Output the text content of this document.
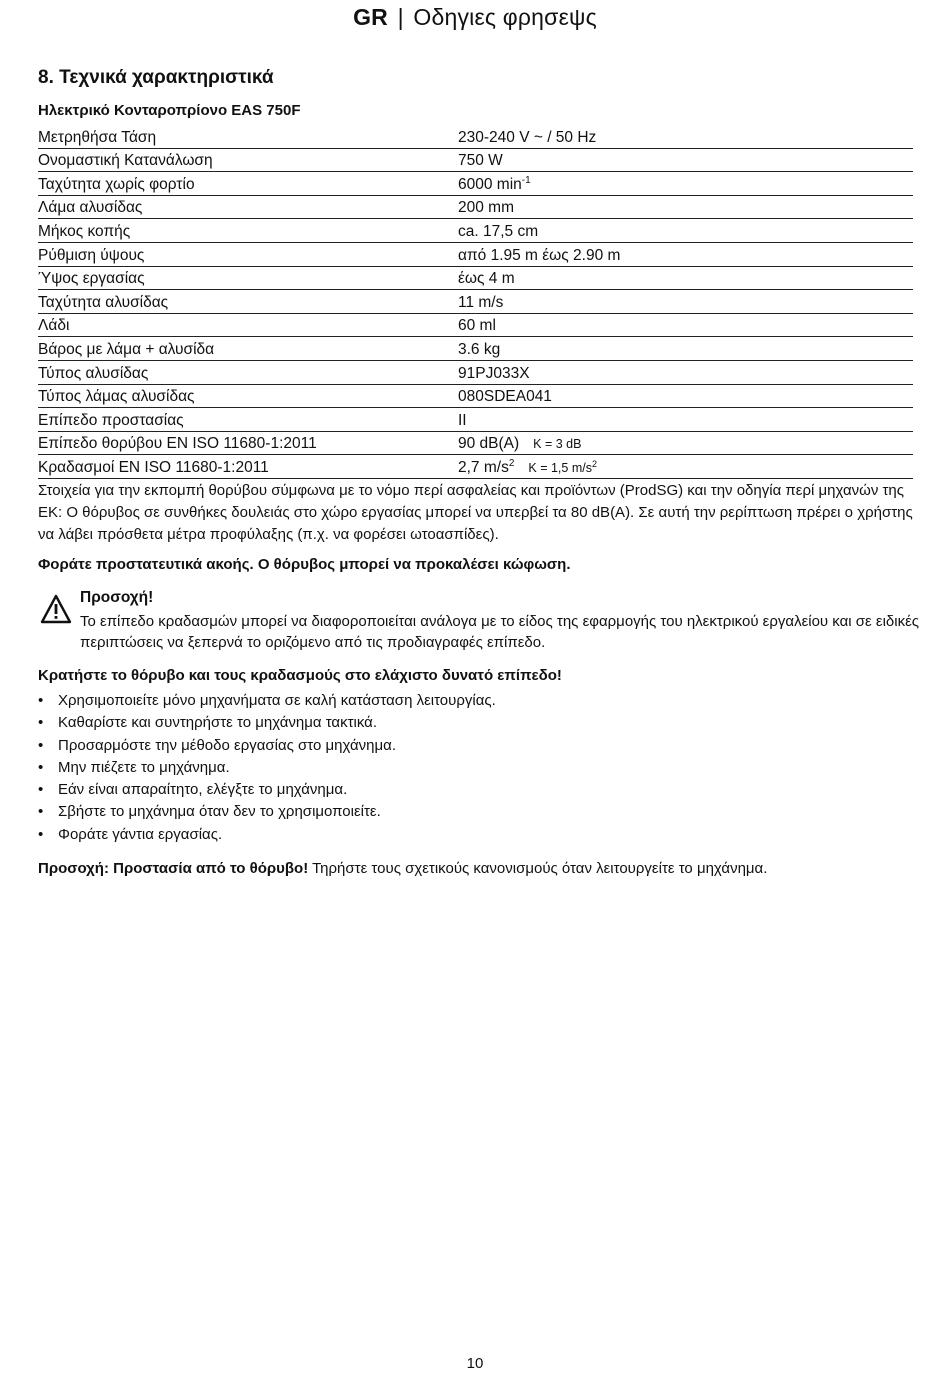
GR | Οδηγιες φρησεψς
8. Τεχνικά χαρακτηριστικά
Ηλεκτρικό Κονταροπρίονο EAS 750F
Μετρηθήσα Τάση	230-240 V ~ / 50 Hz
Ονομαστική Κατανάλωση	750 W
Ταχύτητα χωρίς φορτίο	6000 $\min^{-1}$
Λάμα αλυσίδας	200 mm
Μήκος κοπής	ca. 17,5 cm
Ρύθμιση ύψους	από 1.95 m έως 2.90 m
Ύψος εργασίας	έως 4 m
Ταχύτητα αλυσίδας	11 m/s
Λάδι	60 ml
Βάρος με λάμα + αλυσίδα	3.6 kg
Τύπος αλυσίδας	91PJ033X
Τύπος λάμας αλυσίδας	080SDEA041
Επίπεδο προστασίας	II
Επίπεδο θορύβου EN ISO 11680-1:2011	90 dB(A) K = 3 dB
Κραδασμοί EN ISO 11680-1:2011	2,7 $m/s^2$ K = 1,5 $m/s^2$
Στοιχεία για την εκπομπή θορύβου σύμφωνα με το νόμο περί ασφαλείας και προϊόντων (ProdSG) και την οδηγία περί μηχανών της ΕΚ: Ο θόρυβος σε συνθήκες δουλειάς στο χώρο εργασίας μπορεί να υπερβεί τα 80 dB(A). Σε αυτή την ρερίπτωση πρέρει ο χρήστης να λάβει πρόσθετα μέτρα προφύλαξης (π.χ. να φορέσει ωτοασπίδες).
Φοράτε προστατευτικά ακοής. Ο θόρυβος μπορεί να προκαλέσει κώφωση.
Προσοχή!
Το επίπεδο κραδασμών μπορεί να διαφοροποιείται ανάλογα με το είδος της εφαρμογής του ηλεκτρικού εργαλείου και σε ειδικές περιπτώσεις να ξεπερνά το οριζόμενο από τις προδιαγραφές επίπεδο.
Κρατήστε το θόρυβο και τους κραδασμούς στο ελάχιστο δυνατό επίπεδο!
• Χρησιμοποιείτε μόνο μηχανήματα σε καλή κατάσταση λειτουργίας.
• Καθαρίστε και συντηρήστε το μηχάνημα τακτικά.
• Προσαρμόστε την μέθοδο εργασίας στο μηχάνημα.
• Μην πιέζετε το μηχάνημα.
• Εάν είναι απαραίτητο, ελέγξτε το μηχάνημα.
• Σβήστε το μηχάνημα όταν δεν το χρησιμοποιείτε.
• Φοράτε γάντια εργασίας.
Προσοχή: Προστασία από το θόρυβο! Τηρήστε τους σχετικούς κανονισμούς όταν λειτουργείτε το μηχάνημα.
10
